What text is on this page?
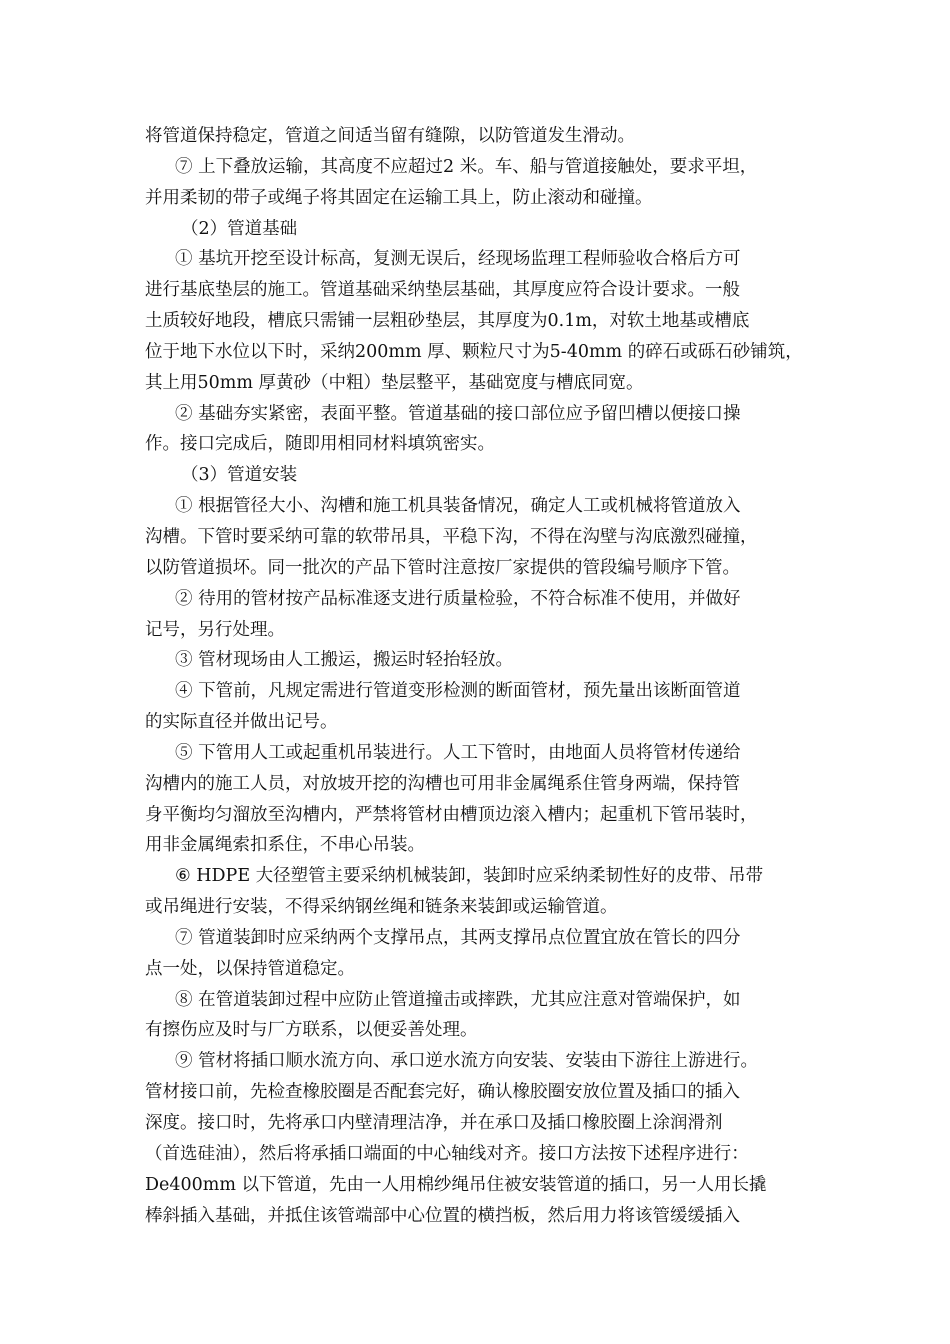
将管道保持稳定，管道之间适当留有缝隙，以防管道发生滑动。
⑦ 上下叠放运输，其高度不应超过2 米。车、船与管道接触处，要求平坦，
并用柔韧的带子或绳子将其固定在运输工具上，防止滚动和碰撞。
（2）管道基础
① 基坑开挖至设计标高，复测无误后，经现场监理工程师验收合格后方可
进行基底垫层的施工。管道基础采纳垫层基础，其厚度应符合设计要求。一般
土质较好地段，槽底只需铺一层粗砂垫层，其厚度为0.1m，对软土地基或槽底
位于地下水位以下时，采纳200mm 厚、颗粒尺寸为5-40mm 的碎石或砾石砂铺筑，
其上用50mm 厚黄砂（中粗）垫层整平，基础宽度与槽底同宽。
② 基础夯实紧密，表面平整。管道基础的接口部位应予留凹槽以便接口操
作。接口完成后，随即用相同材料填筑密实。
（3）管道安装
① 根据管径大小、沟槽和施工机具装备情况，确定人工或机械将管道放入
沟槽。下管时要采纳可靠的软带吊具，平稳下沟，不得在沟壁与沟底激烈碰撞，
以防管道损坏。同一批次的产品下管时注意按厂家提供的管段编号顺序下管。
② 待用的管材按产品标准逐支进行质量检验，不符合标准不使用，并做好
记号，另行处理。
③ 管材现场由人工搬运，搬运时轻抬轻放。
④ 下管前，凡规定需进行管道变形检测的断面管材，预先量出该断面管道
的实际直径并做出记号。
⑤ 下管用人工或起重机吊装进行。人工下管时，由地面人员将管材传递给
沟槽内的施工人员，对放坡开挖的沟槽也可用非金属绳系住管身两端，保持管
身平衡均匀溜放至沟槽内，严禁将管材由槽顶边滚入槽内；起重机下管吊装时，
用非金属绳索扣系住，不串心吊装。
⑥ HDPE 大径塑管主要采纳机械装卸，装卸时应采纳柔韧性好的皮带、吊带
或吊绳进行安装，不得采纳钢丝绳和链条来装卸或运输管道。
⑦ 管道装卸时应采纳两个支撑吊点，其两支撑吊点位置宜放在管长的四分
点一处，以保持管道稳定。
⑧ 在管道装卸过程中应防止管道撞击或摔跌，尤其应注意对管端保护，如
有擦伤应及时与厂方联系，以便妥善处理。
⑨ 管材将插口顺水流方向、承口逆水流方向安装、安装由下游往上游进行。
管材接口前，先检查橡胶圈是否配套完好，确认橡胶圈安放位置及插口的插入
深度。接口时，先将承口内壁清理洁净，并在承口及插口橡胶圈上涂润滑剂
（首选硅油），然后将承插口端面的中心轴线对齐。接口方法按下述程序进行：
De400mm 以下管道，先由一人用棉纱绳吊住被安装管道的插口，另一人用长撬
棒斜插入基础，并抵住该管端部中心位置的横挡板，然后用力将该管缓缓插入
